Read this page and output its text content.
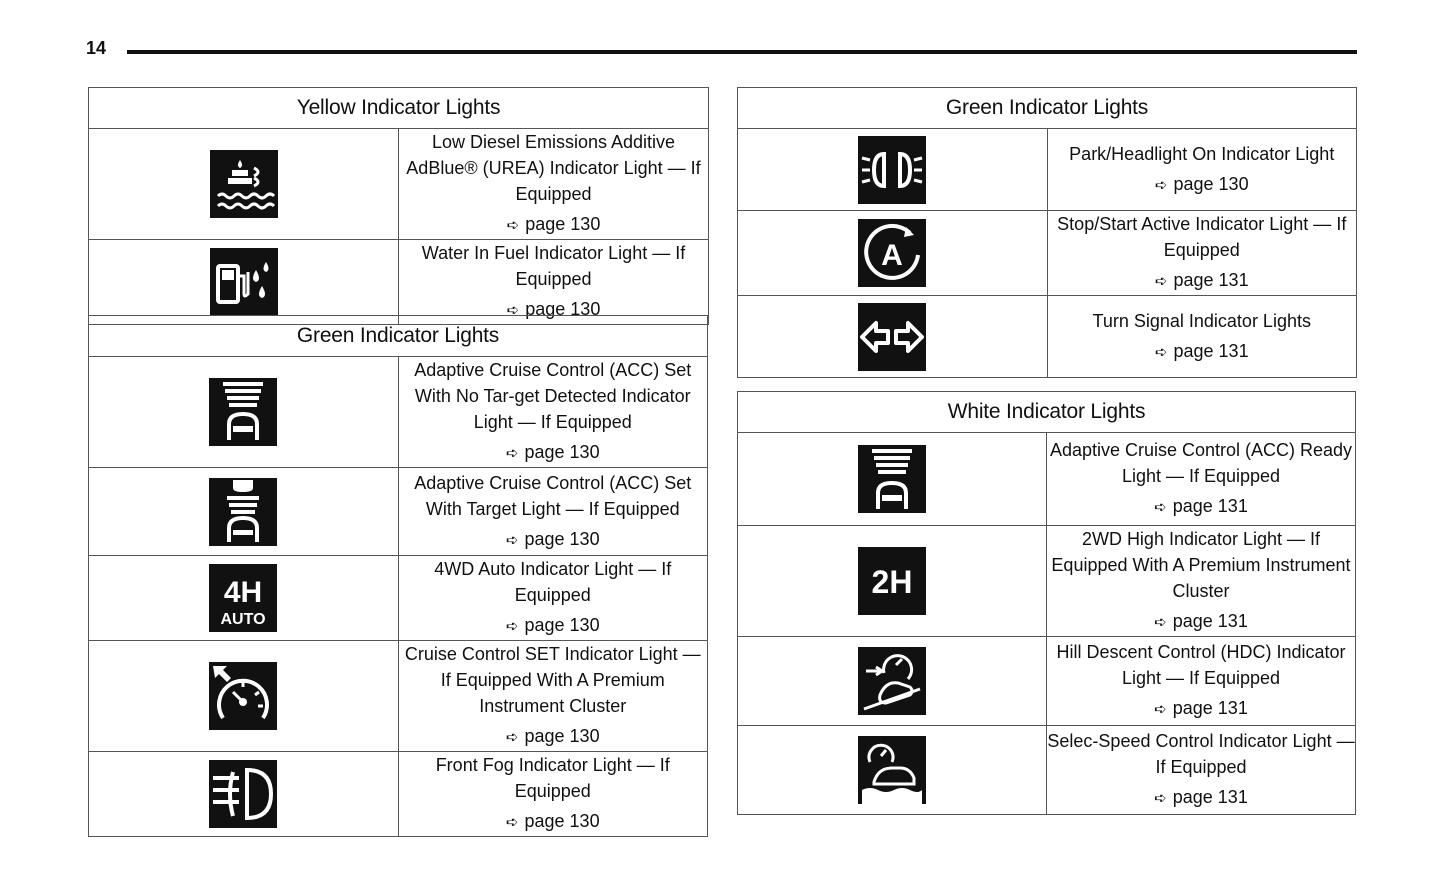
14
Yellow Indicator Lights	

	Low Diesel Emissions Additive AdBlue® (UREA) Indicator Light — If Equipped
➪ page 130

	Water In Fuel Indicator Light — If Equipped
➪ page 130
Green Indicator Lights	

	Adaptive Cruise Control (ACC) Set With No Tar-get Detected Indicator Light — If Equipped
➪ page 130

	Adaptive Cruise Control (ACC) Set With Target Light — If Equipped
➪ page 130

4H
AUTO	4WD Auto Indicator Light — If Equipped
➪ page 130

	Cruise Control SET Indicator Light — If Equipped With A Premium Instrument Cluster
➪ page 130

	Front Fog Indicator Light — If Equipped
➪ page 130
Green Indicator Lights	

	Park/Headlight On Indicator Light
➪ page 130

A	Stop/Start Active Indicator Light — If Equipped
➪ page 131

	Turn Signal Indicator Lights
➪ page 131
White Indicator Lights	

	Adaptive Cruise Control (ACC) Ready Light — If Equipped
➪ page 131

2H	2WD High Indicator Light — If Equipped With A Premium Instrument Cluster
➪ page 131

	Hill Descent Control (HDC) Indicator Light — If Equipped
➪ page 131

	Selec-Speed Control Indicator Light — If Equipped
➪ page 131
